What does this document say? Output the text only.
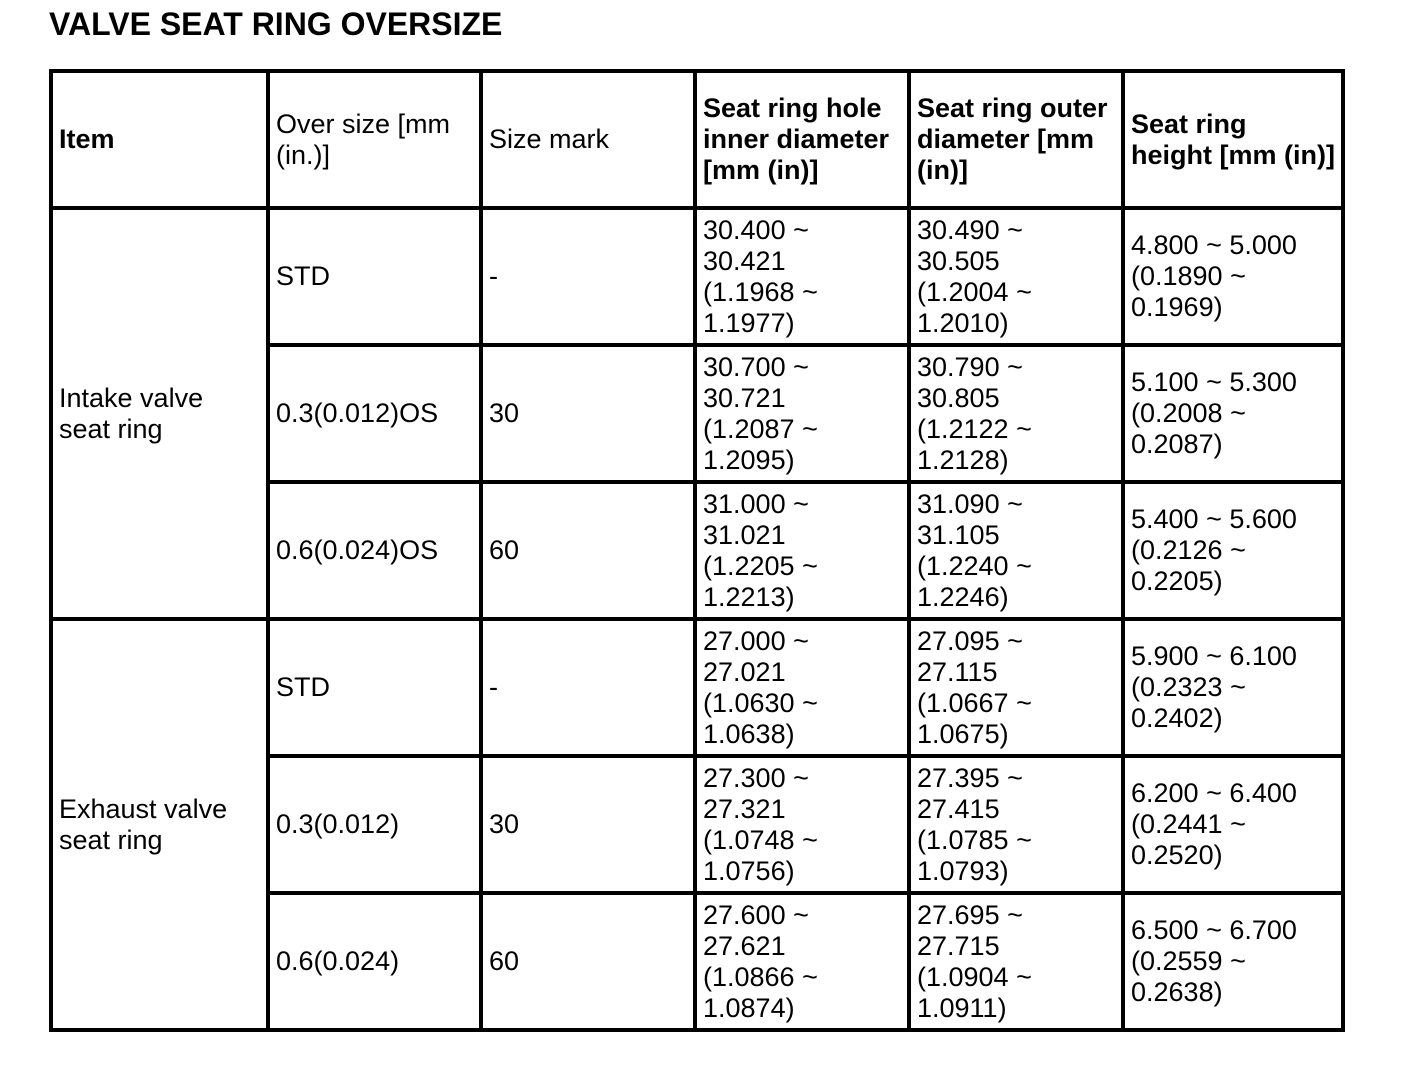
VALVE SEAT RING OVERSIZE
Item	Over size [mm (in.)]	Size mark	Seat ring hole inner diameter [mm (in)]	Seat ring outer diameter [mm (in)]	Seat ring height [mm (in)]

Intake valve
seat ring	STD	-	30.400 ~
30.421
(1.1968 ~
1.1977)	30.490 ~
30.505
(1.2004 ~
1.2010)	4.800 ~ 5.000
(0.1890 ~
0.1969)

	0.3(0.012)OS	30	30.700 ~
30.721
(1.2087 ~
1.2095)	30.790 ~
30.805
(1.2122 ~
1.2128)	5.100 ~ 5.300
(0.2008 ~
0.2087)

	0.6(0.024)OS	60	31.000 ~
31.021
(1.2205 ~
1.2213)	31.090 ~
31.105
(1.2240 ~
1.2246)	5.400 ~ 5.600
(0.2126 ~
0.2205)

Exhaust valve
seat ring	STD	-	27.000 ~
27.021
(1.0630 ~
1.0638)	27.095 ~
27.115
(1.0667 ~
1.0675)	5.900 ~ 6.100
(0.2323 ~
0.2402)

	0.3(0.012)	30	27.300 ~
27.321
(1.0748 ~
1.0756)	27.395 ~
27.415
(1.0785 ~
1.0793)	6.200 ~ 6.400
(0.2441 ~
0.2520)

	0.6(0.024)	60	27.600 ~
27.621
(1.0866 ~
1.0874)	27.695 ~
27.715
(1.0904 ~
1.0911)	6.500 ~ 6.700
(0.2559 ~
0.2638)
